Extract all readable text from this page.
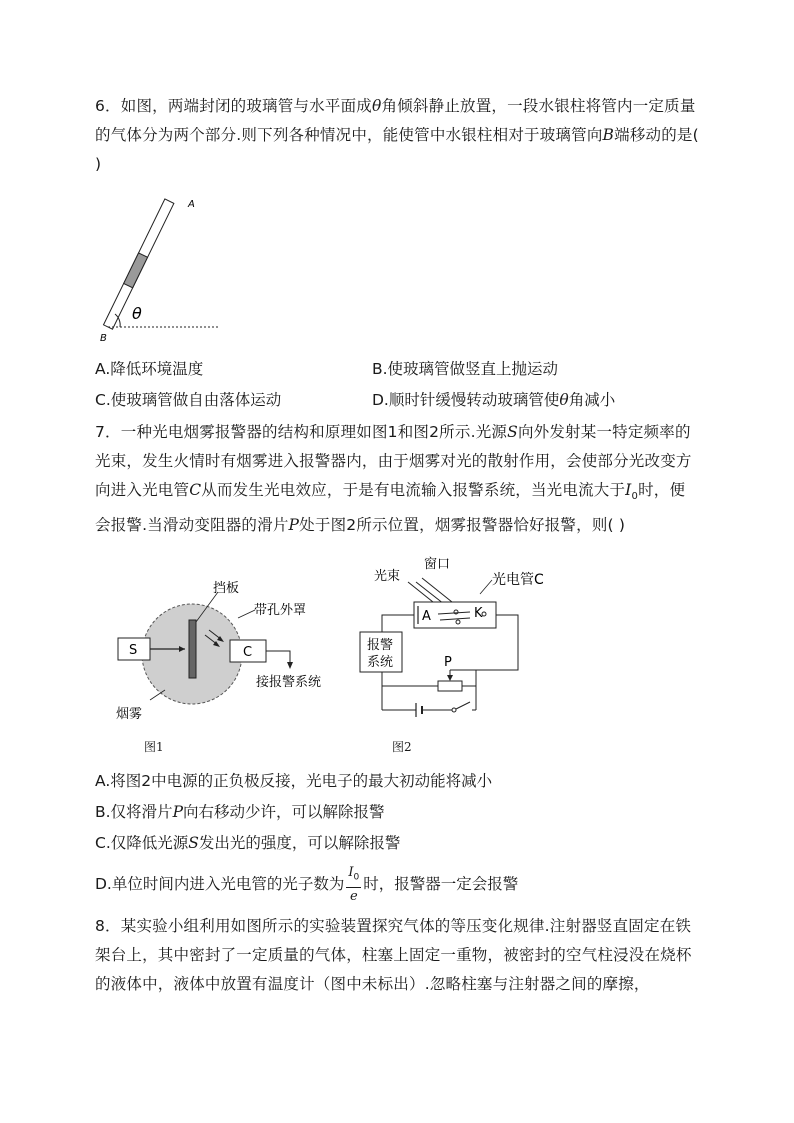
6．如图，两端封闭的玻璃管与水平面成θ角倾斜静止放置，一段水银柱将管内一定质量的气体分为两个部分.则下列各种情况中，能使管中水银柱相对于玻璃管向B端移动的是( )
A
B
θ
A.降低环境温度	B.使玻璃管做竖直上抛运动
C.使玻璃管做自由落体运动	D.顺时针缓慢转动玻璃管使θ角减小
7．一种光电烟雾报警器的结构和原理如图1和图2所示.光源S向外发射某一特定频率的光束，发生火情时有烟雾进入报警器内，由于烟雾对光的散射作用，会使部分光改变方向进入光电管C从而发生光电效应，于是有电流输入报警系统，当光电流大于$I_0$时，便会报警.当滑动变阻器的滑片P处于图2所示位置，烟雾报警器恰好报警，则( )
S	C
挡板
带孔外罩
接报警系统
烟雾
图1
窗口
光束	光电管C
A	K
报警
系统	P
图2
A.将图2中电源的正负极反接，光电子的最大初动能将减小
B.仅将滑片P向右移动少许，可以解除报警
C.仅降低光源S发出光的强度，可以解除报警
D.单位时间内进入光电管的光子数为 $\frac{I_0}{e}$ 时，报警器一定会报警
8．某实验小组利用如图所示的实验装置探究气体的等压变化规律.注射器竖直固定在铁架台上，其中密封了一定质量的气体，柱塞上固定一重物，被密封的空气柱浸没在烧杯的液体中，液体中放置有温度计（图中未标出）.忽略柱塞与注射器之间的摩擦，
